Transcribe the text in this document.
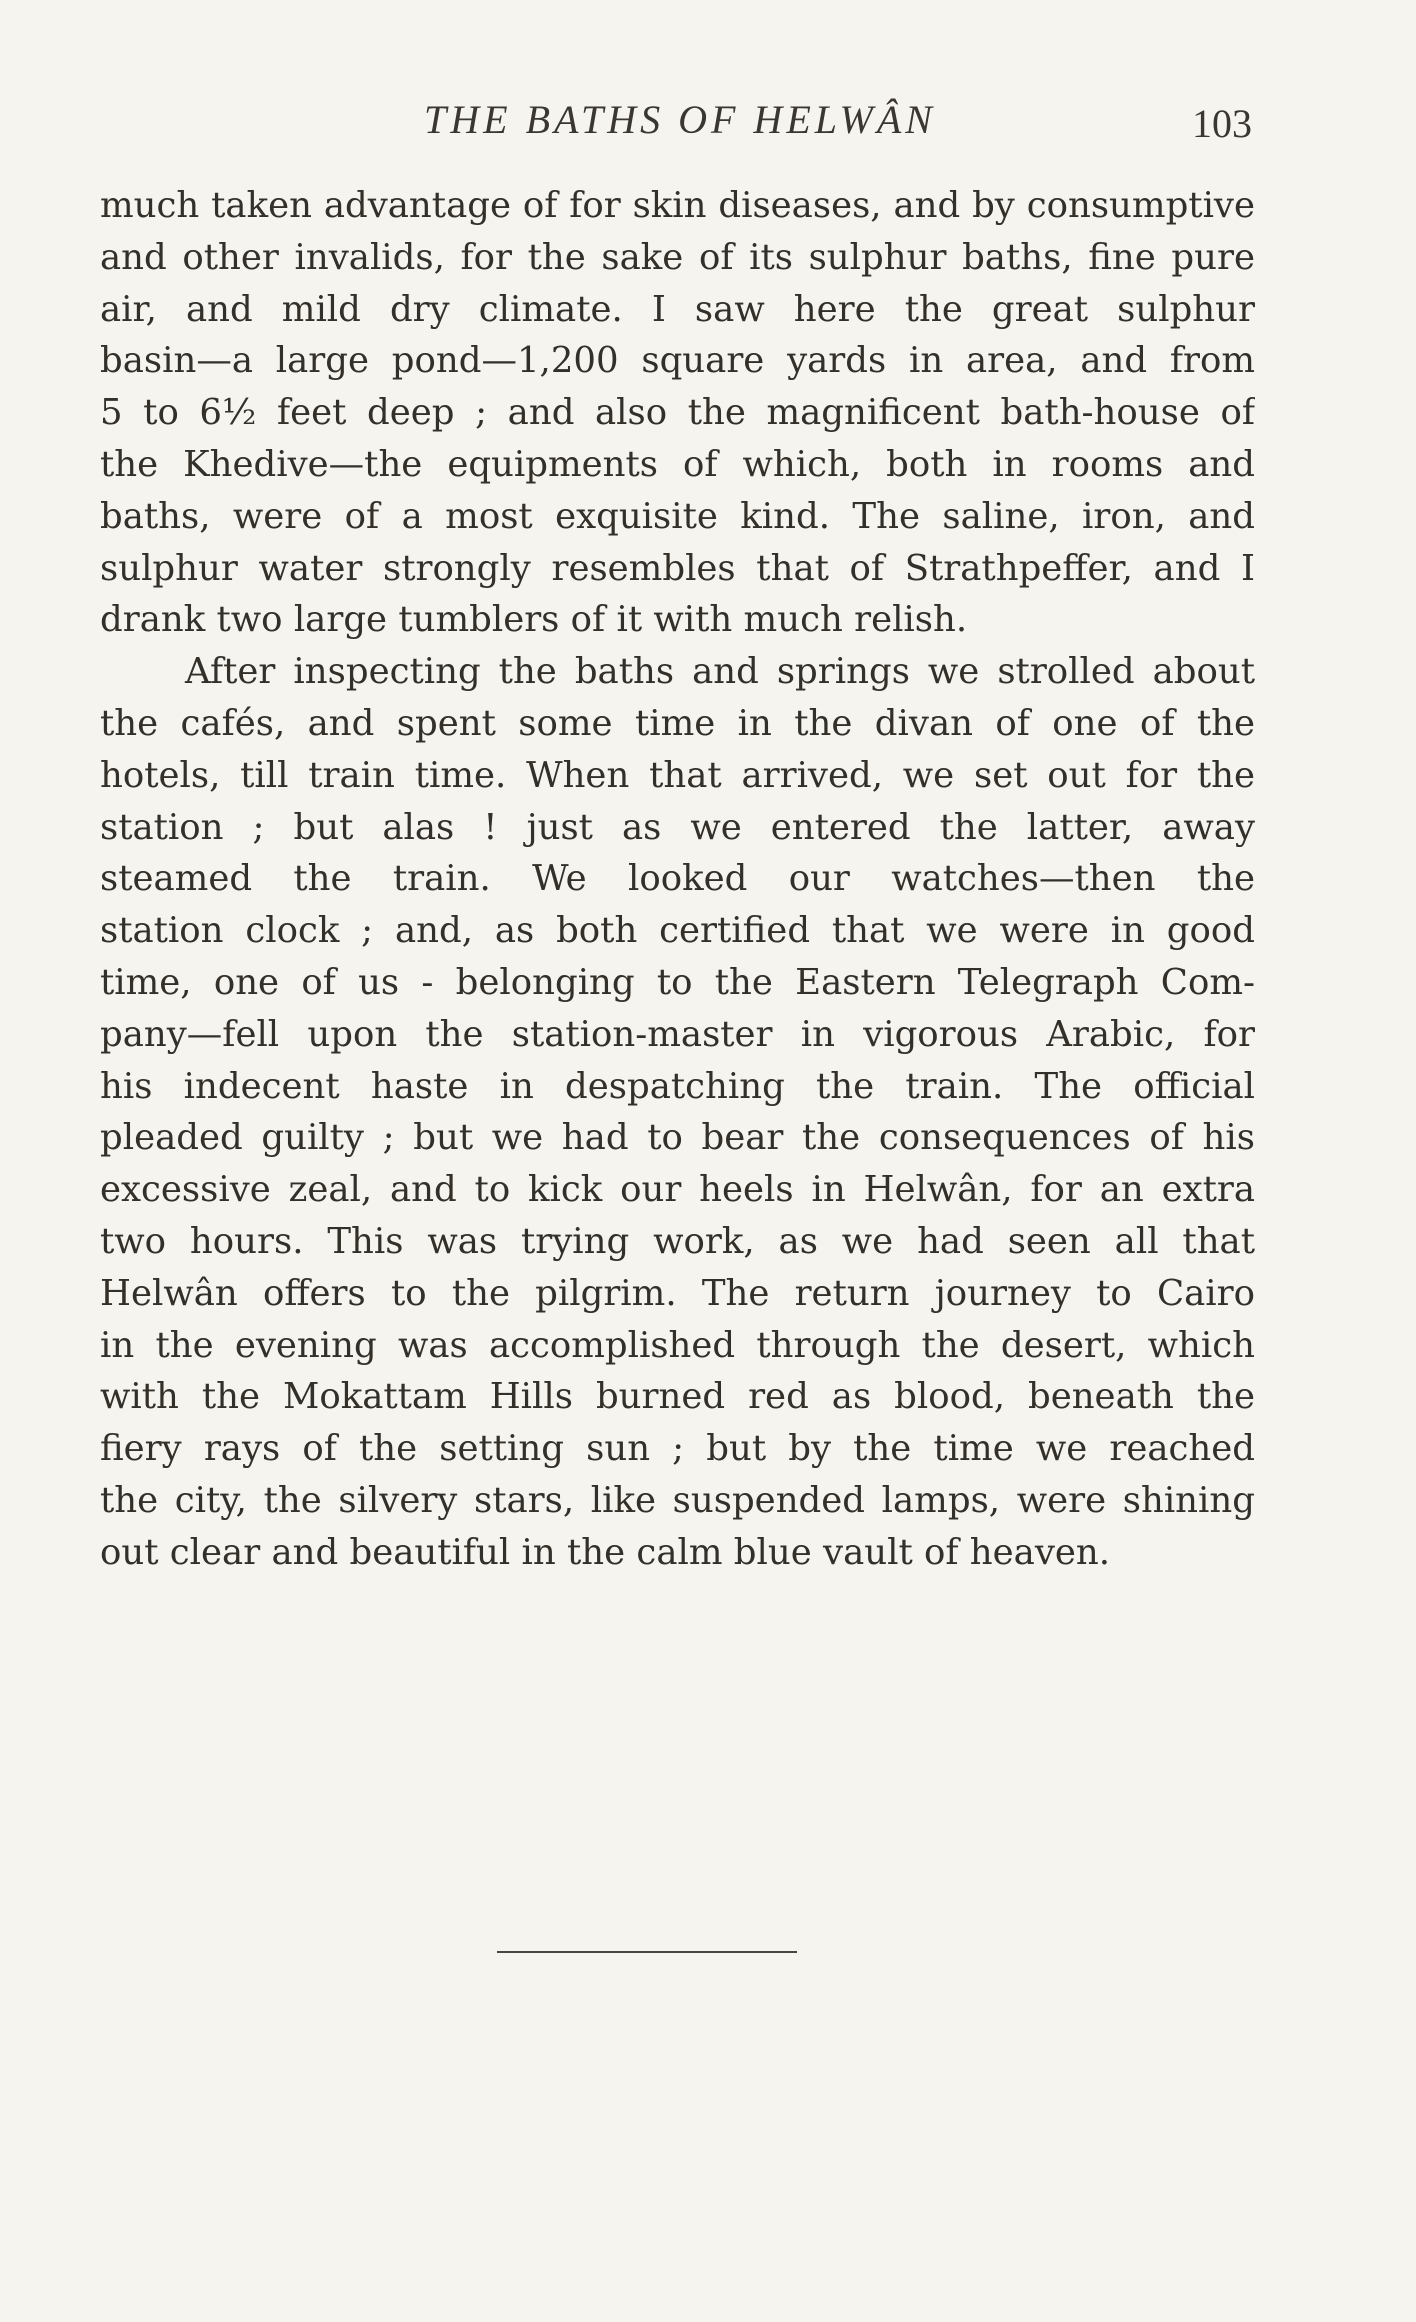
THE BATHS OF HELWÂN	103
much taken advantage of for skin diseases, and by consumptive
and other invalids, for the sake of its sulphur baths, fine pure
air, and mild dry climate. I saw here the great sulphur
basin—a large pond—1,200 square yards in area, and from
5 to 6½ feet deep ; and also the magnificent bath-house of
the Khedive—the equipments of which, both in rooms and
baths, were of a most exquisite kind. The saline, iron, and
sulphur water strongly resembles that of Strathpeffer, and I
drank two large tumblers of it with much relish.
After inspecting the baths and springs we strolled about
the cafés, and spent some time in the divan of one of the
hotels, till train time. When that arrived, we set out for the
station ; but alas ! just as we entered the latter, away
steamed the train. We looked our watches—then the
station clock ; and, as both certified that we were in good
time, one of us - belonging to the Eastern Telegraph Com-
pany—fell upon the station-master in vigorous Arabic, for
his indecent haste in despatching the train. The official
pleaded guilty ; but we had to bear the consequences of his
excessive zeal, and to kick our heels in Helwân, for an extra
two hours. This was trying work, as we had seen all that
Helwân offers to the pilgrim. The return journey to Cairo
in the evening was accomplished through the desert, which
with the Mokattam Hills burned red as blood, beneath the
fiery rays of the setting sun ; but by the time we reached
the city, the silvery stars, like suspended lamps, were shining
out clear and beautiful in the calm blue vault of heaven.
